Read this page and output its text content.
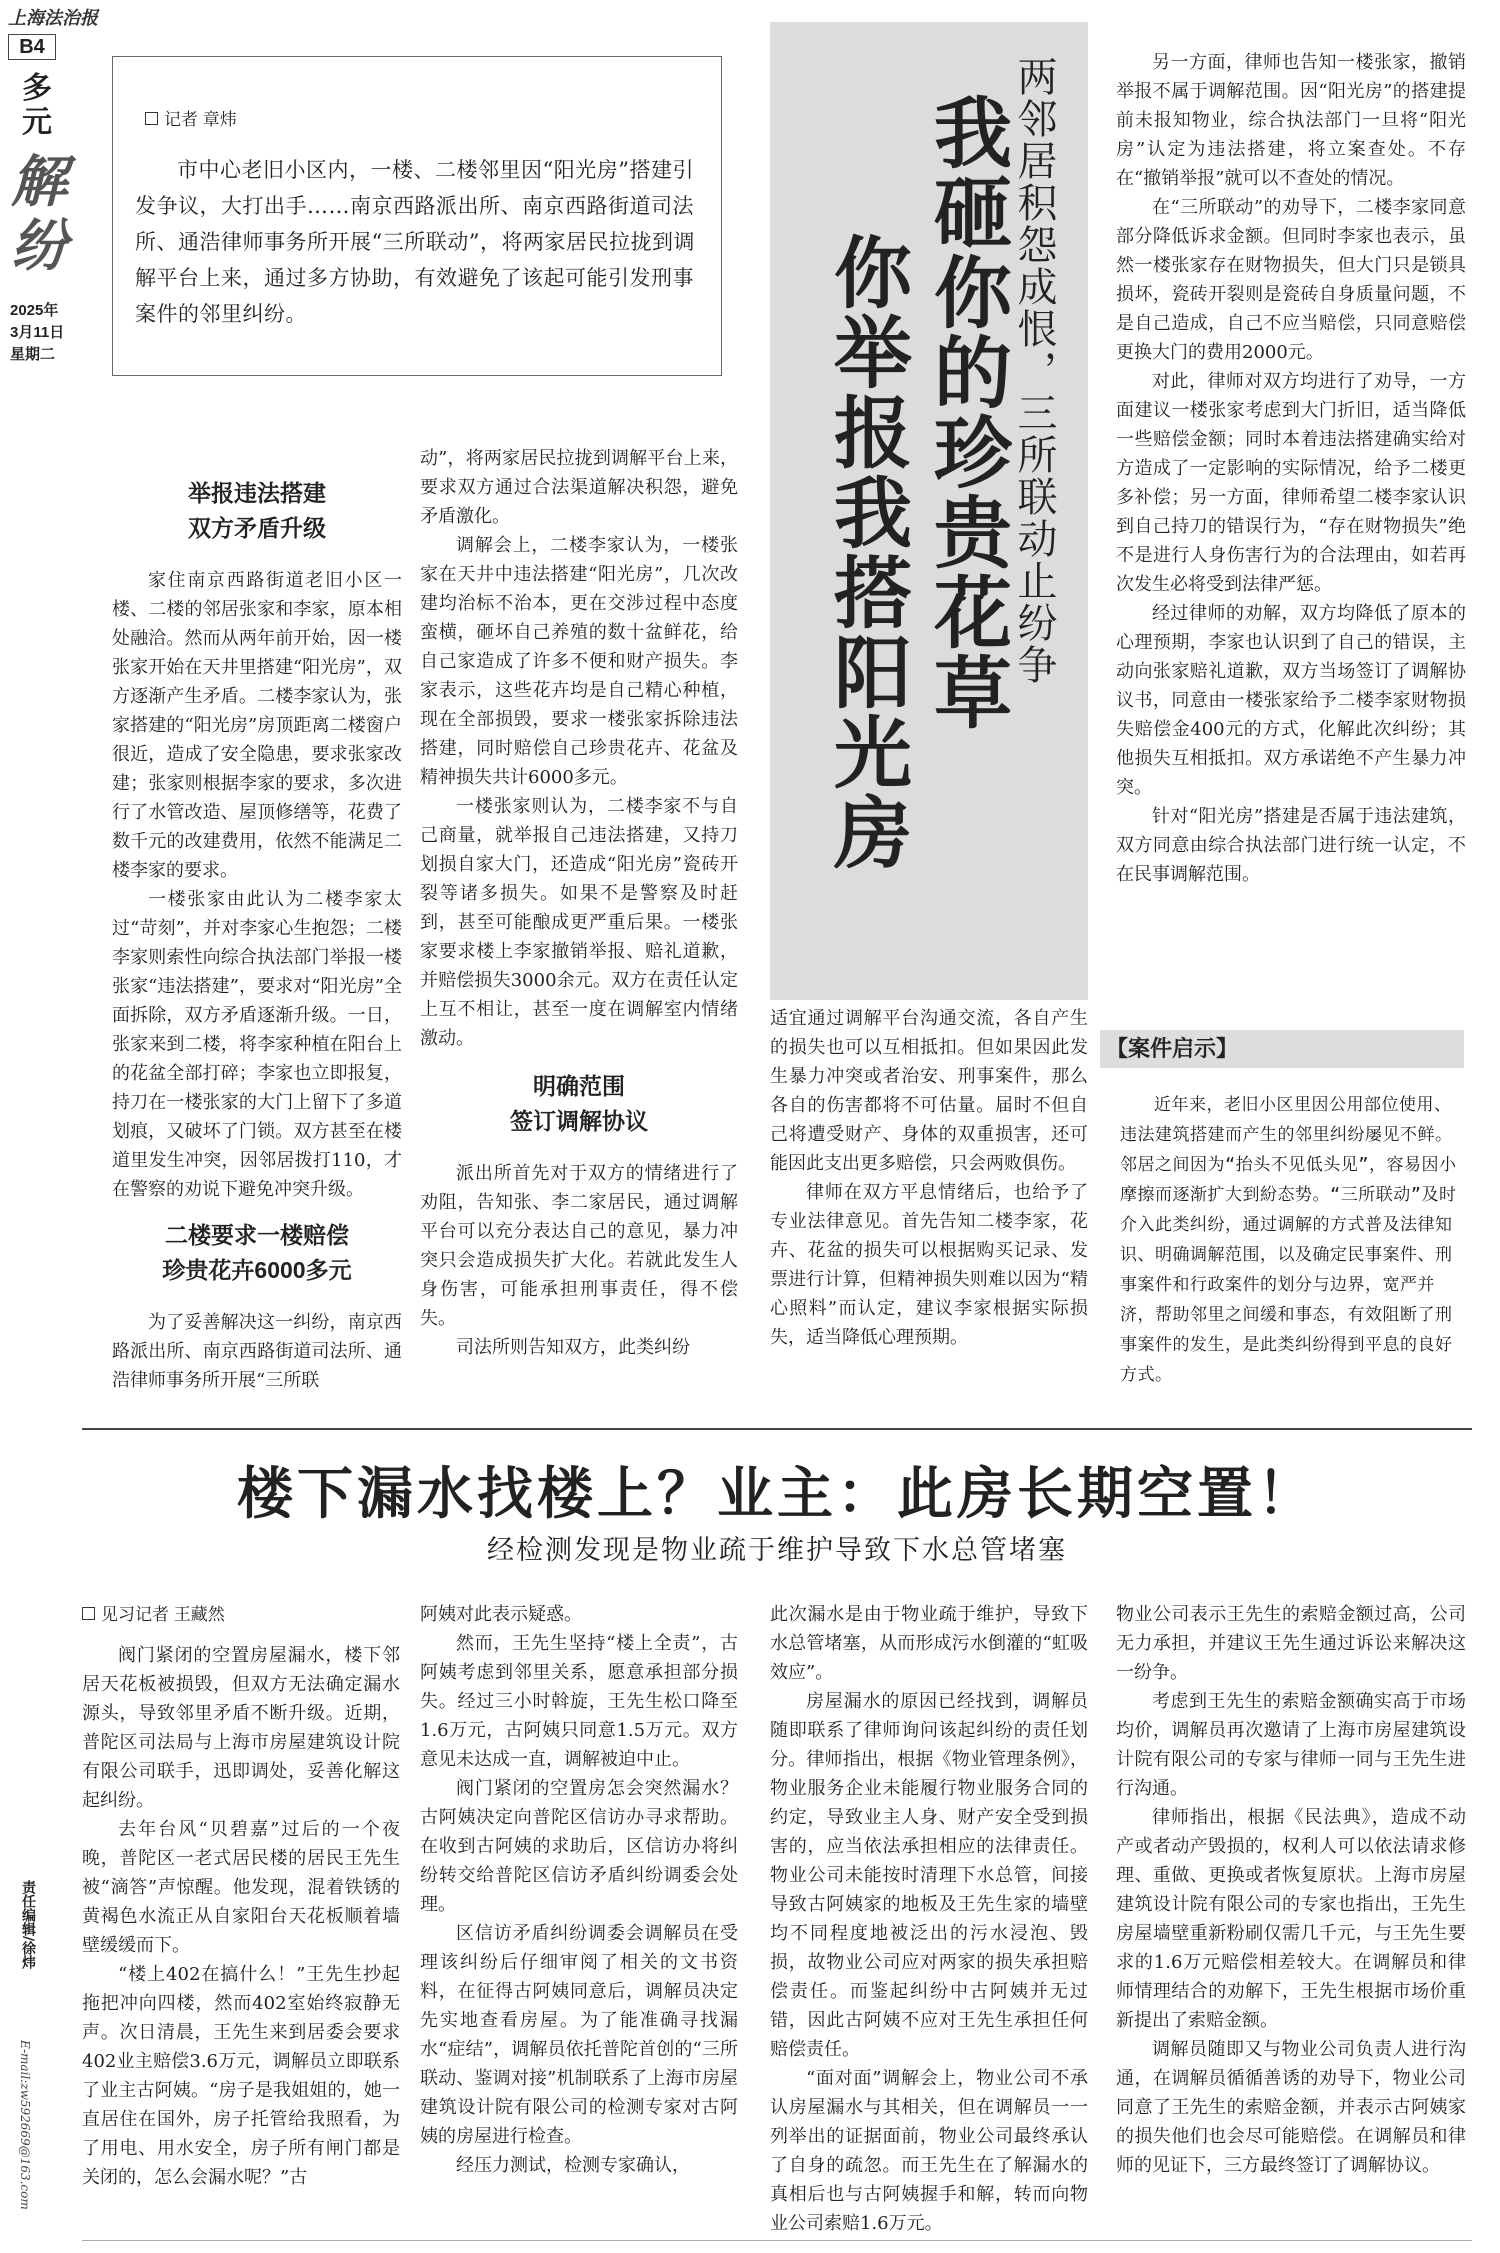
上海法治报
B4
多元
解纷
2025年
3月11日
星期二
责任编辑/徐炜
E-mail:zw592669@163.com
记者 章炜

市中心老旧小区内，一楼、二楼邻里因“阳光房”搭建引发争议，大打出手……南京西路派出所、南京西路街道司法所、通浩律师事务所开展“三所联动”，将两家居民拉拢到调解平台上来，通过多方协助，有效避免了该起可能引发刑事案件的邻里纠纷。	两邻居积怨成恨，三所联动止纷争
我砸你的珍贵花草
你举报我搭阳光房
举报违法搭建
双方矛盾升级

家住南京西路街道老旧小区一楼、二楼的邻居张家和李家，原本相处融洽。然而从两年前开始，因一楼张家开始在天井里搭建“阳光房”，双方逐渐产生矛盾。二楼李家认为，张家搭建的“阳光房”房顶距离二楼窗户很近，造成了安全隐患，要求张家改建；张家则根据李家的要求，多次进行了水管改造、屋顶修缮等，花费了数千元的改建费用，依然不能满足二楼李家的要求。

一楼张家由此认为二楼李家太过“苛刻”，并对李家心生抱怨；二楼李家则索性向综合执法部门举报一楼张家“违法搭建”，要求对“阳光房”全面拆除，双方矛盾逐渐升级。一日，张家来到二楼，将李家种植在阳台上的花盆全部打碎；李家也立即报复，持刀在一楼张家的大门上留下了多道划痕，又破坏了门锁。双方甚至在楼道里发生冲突，因邻居拨打110，才在警察的劝说下避免冲突升级。

二楼要求一楼赔偿
珍贵花卉6000多元

为了妥善解决这一纠纷，南京西路派出所、南京西路街道司法所、通浩律师事务所开展“三所联

动”，将两家居民拉拢到调解平台上来，要求双方通过合法渠道解决积怨，避免矛盾激化。

调解会上，二楼李家认为，一楼张家在天井中违法搭建“阳光房”，几次改建均治标不治本，更在交涉过程中态度蛮横，砸坏自己养殖的数十盆鲜花，给自己家造成了许多不便和财产损失。李家表示，这些花卉均是自己精心种植，现在全部损毁，要求一楼张家拆除违法搭建，同时赔偿自己珍贵花卉、花盆及精神损失共计6000多元。

一楼张家则认为，二楼李家不与自己商量，就举报自己违法搭建，又持刀划损自家大门，还造成“阳光房”瓷砖开裂等诸多损失。如果不是警察及时赶到，甚至可能酿成更严重后果。一楼张家要求楼上李家撤销举报、赔礼道歉，并赔偿损失3000余元。双方在责任认定上互不相让，甚至一度在调解室内情绪激动。

明确范围
签订调解协议

派出所首先对于双方的情绪进行了劝阻，告知张、李二家居民，通过调解平台可以充分表达自己的意见，暴力冲突只会造成损失扩大化。若就此发生人身伤害，可能承担刑事责任，得不偿失。

司法所则告知双方，此类纠纷

适宜通过调解平台沟通交流，各自产生的损失也可以互相抵扣。但如果因此发生暴力冲突或者治安、刑事案件，那么各自的伤害都将不可估量。届时不但自己将遭受财产、身体的双重损害，还可能因此支出更多赔偿，只会两败俱伤。

律师在双方平息情绪后，也给予了专业法律意见。首先告知二楼李家，花卉、花盆的损失可以根据购买记录、发票进行计算，但精神损失则难以因为“精心照料”而认定，建议李家根据实际损失，适当降低心理预期。

另一方面，律师也告知一楼张家，撤销举报不属于调解范围。因“阳光房”的搭建提前未报知物业，综合执法部门一旦将“阳光房”认定为违法搭建，将立案查处。不存在“撤销举报”就可以不查处的情况。

在“三所联动”的劝导下，二楼李家同意部分降低诉求金额。但同时李家也表示，虽然一楼张家存在财物损失，但大门只是锁具损坏，瓷砖开裂则是瓷砖自身质量问题，不是自己造成，自己不应当赔偿，只同意赔偿更换大门的费用2000元。

对此，律师对双方均进行了劝导，一方面建议一楼张家考虑到大门折旧，适当降低一些赔偿金额；同时本着违法搭建确实给对方造成了一定影响的实际情况，给予二楼更多补偿；另一方面，律师希望二楼李家认识到自己持刀的错误行为，“存在财物损失”绝不是进行人身伤害行为的合法理由，如若再次发生必将受到法律严惩。

经过律师的劝解，双方均降低了原本的心理预期，李家也认识到了自己的错误，主动向张家赔礼道歉，双方当场签订了调解协议书，同意由一楼张家给予二楼李家财物损失赔偿金400元的方式，化解此次纠纷；其他损失互相抵扣。双方承诺绝不产生暴力冲突。

针对“阳光房”搭建是否属于违法建筑，双方同意由综合执法部门进行统一认定，不在民事调解范围。

【案件启示】

近年来，老旧小区里因公用部位使用、违法建筑搭建而产生的邻里纠纷屡见不鲜。邻居之间因为“抬头不见低头见”，容易因小摩擦而逐渐扩大到紛态势。“三所联动”及时介入此类纠纷，通过调解的方式普及法律知识、明确调解范围，以及确定民事案件、刑事案件和行政案件的划分与边界，宽严并济，帮助邻里之间缓和事态，有效阻断了刑事案件的发生，是此类纠纷得到平息的良好方式。

楼下漏水找楼上？业主：此房长期空置！
经检测发现是物业疏于维护导致下水总管堵塞
见习记者 王藏然

阀门紧闭的空置房屋漏水，楼下邻居天花板被损毁，但双方无法确定漏水源头，导致邻里矛盾不断升级。近期，普陀区司法局与上海市房屋建筑设计院有限公司联手，迅即调处，妥善化解这起纠纷。

去年台风“贝碧嘉”过后的一个夜晚，普陀区一老式居民楼的居民王先生被“滴答”声惊醒。他发现，混着铁锈的黄褐色水流正从自家阳台天花板顺着墙壁缓缓而下。

“楼上402在搞什么！”王先生抄起拖把冲向四楼，然而402室始终寂静无声。次日清晨，王先生来到居委会要求402业主赔偿3.6万元，调解员立即联系了业主古阿姨。“房子是我姐姐的，她一直居住在国外，房子托管给我照看，为了用电、用水安全，房子所有闸门都是关闭的，怎么会漏水呢？”古

阿姨对此表示疑惑。

然而，王先生坚持“楼上全责”，古阿姨考虑到邻里关系，愿意承担部分损失。经过三小时斡旋，王先生松口降至1.6万元，古阿姨只同意1.5万元。双方意见未达成一直，调解被迫中止。

阀门紧闭的空置房怎会突然漏水？古阿姨决定向普陀区信访办寻求帮助。在收到古阿姨的求助后，区信访办将纠纷转交给普陀区信访矛盾纠纷调委会处理。

区信访矛盾纠纷调委会调解员在受理该纠纷后仔细审阅了相关的文书资料，在征得古阿姨同意后，调解员决定先实地查看房屋。为了能准确寻找漏水“症结”，调解员依托普陀首创的“三所联动、鉴调对接”机制联系了上海市房屋建筑设计院有限公司的检测专家对古阿姨的房屋进行检查。

经压力测试，检测专家确认，

此次漏水是由于物业疏于维护，导致下水总管堵塞，从而形成污水倒灌的“虹吸效应”。

房屋漏水的原因已经找到，调解员随即联系了律师询问该起纠纷的责任划分。律师指出，根据《物业管理条例》，物业服务企业未能履行物业服务合同的约定，导致业主人身、财产安全受到损害的，应当依法承担相应的法律责任。物业公司未能按时清理下水总管，间接导致古阿姨家的地板及王先生家的墙壁均不同程度地被泛出的污水浸泡、毁损，故物业公司应对两家的损失承担赔偿责任。而鉴起纠纷中古阿姨并无过错，因此古阿姨不应对王先生承担任何赔偿责任。

“面对面”调解会上，物业公司不承认房屋漏水与其相关，但在调解员一一列举出的证据面前，物业公司最终承认了自身的疏忽。而王先生在了解漏水的真相后也与古阿姨握手和解，转而向物业公司索赔1.6万元。

物业公司表示王先生的索赔金额过高，公司无力承担，并建议王先生通过诉讼来解决这一纷争。

考虑到王先生的索赔金额确实高于市场均价，调解员再次邀请了上海市房屋建筑设计院有限公司的专家与律师一同与王先生进行沟通。

律师指出，根据《民法典》，造成不动产或者动产毁损的，权利人可以依法请求修理、重做、更换或者恢复原状。上海市房屋建筑设计院有限公司的专家也指出，王先生房屋墙壁重新粉刷仅需几千元，与王先生要求的1.6万元赔偿相差较大。在调解员和律师情理结合的劝解下，王先生根据市场价重新提出了索赔金额。

调解员随即又与物业公司负责人进行沟通，在调解员循循善诱的劝导下，物业公司同意了王先生的索赔金额，并表示古阿姨家的损失他们也会尽可能赔偿。在调解员和律师的见证下，三方最终签订了调解协议。
